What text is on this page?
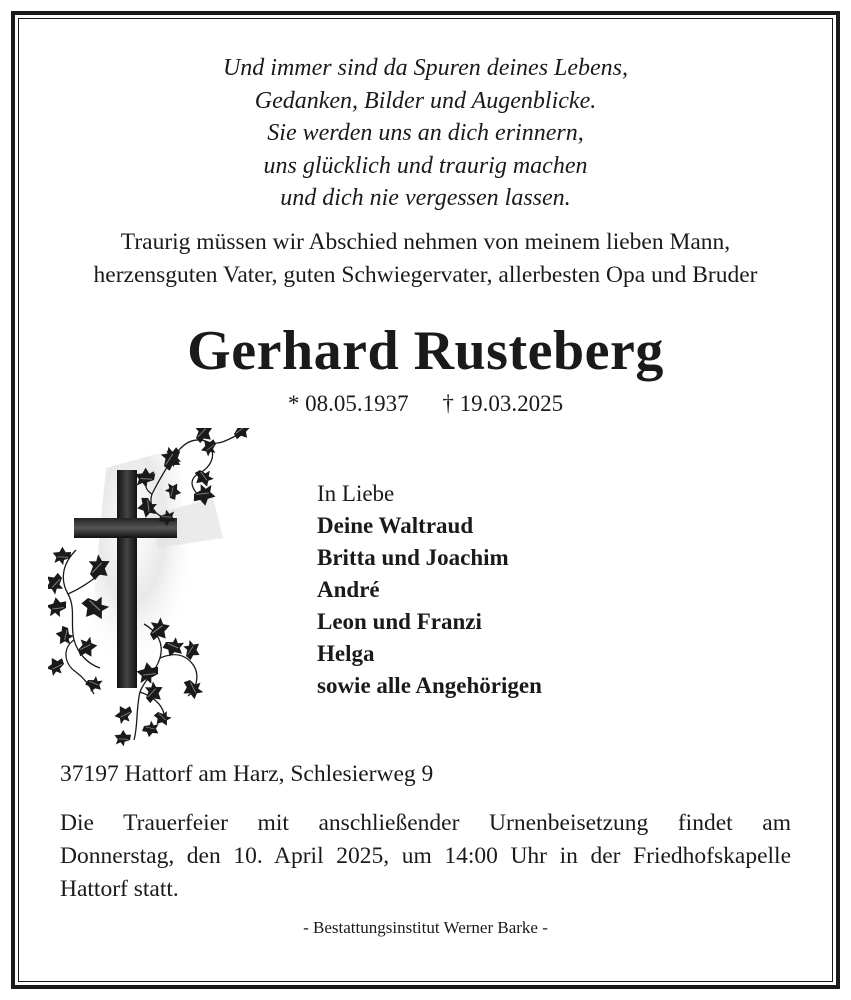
Und immer sind da Spuren deines Lebens,
Gedanken, Bilder und Augenblicke.
Sie werden uns an dich erinnern,
uns glücklich und traurig machen
und dich nie vergessen lassen.
Traurig müssen wir Abschied nehmen von meinem lieben Mann,
herzensguten Vater, guten Schwiegervater, allerbesten Opa und Bruder
Gerhard Rusteberg
* 08.05.1937 † 19.03.2025
In Liebe
Deine Waltraud
Britta und Joachim
André
Leon und Franzi
Helga
sowie alle Angehörigen
37197 Hattorf am Harz, Schlesierweg 9
Die Trauerfeier mit anschließender Urnenbeisetzung findet am
Donnerstag, den 10. April 2025, um 14:00 Uhr in der Friedhofskapelle
Hattorf statt.
- Bestattungsinstitut Werner Barke -
